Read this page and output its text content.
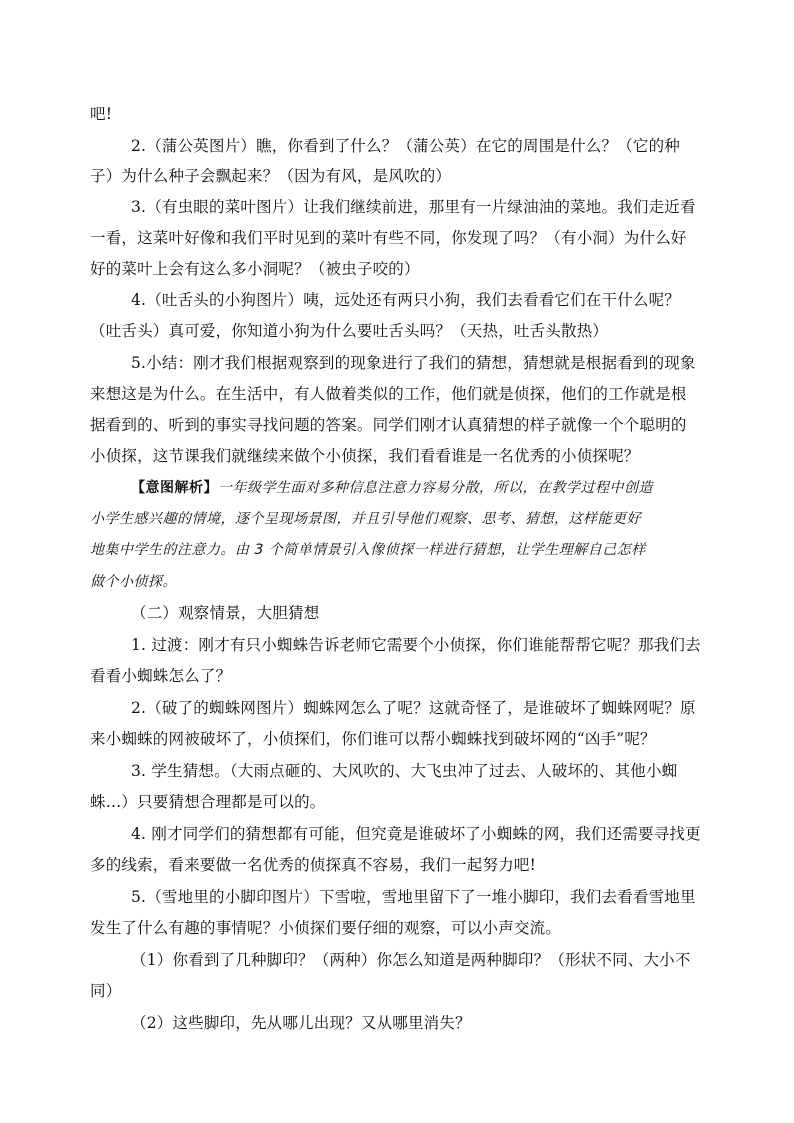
吧!
2.（蒲公英图片）瞧，你看到了什么？（蒲公英）在它的周围是什么？（它的种
子）为什么种子会飘起来？（因为有风，是风吹的）
3.（有虫眼的菜叶图片）让我们继续前进，那里有一片绿油油的菜地。我们走近看
一看，这菜叶好像和我们平时见到的菜叶有些不同，你发现了吗？（有小洞）为什么好
好的菜叶上会有这么多小洞呢？（被虫子咬的）
4.（吐舌头的小狗图片）咦，远处还有两只小狗，我们去看看它们在干什么呢？
（吐舌头）真可爱，你知道小狗为什么要吐舌头吗？（天热，吐舌头散热）
5.小结：刚才我们根据观察到的现象进行了我们的猜想，猜想就是根据看到的现象
来想这是为什么。在生活中，有人做着类似的工作，他们就是侦探，他们的工作就是根
据看到的、听到的事实寻找问题的答案。同学们刚才认真猜想的样子就像一个个聪明的
小侦探，这节课我们就继续来做个小侦探，我们看看谁是一名优秀的小侦探呢？
【意图解析】一年级学生面对多种信息注意力容易分散，所以，在教学过程中创造
小学生感兴趣的情境，逐个呈现场景图，并且引导他们观察、思考、猜想，这样能更好
地集中学生的注意力。由 3 个简单情景引入像侦探一样进行猜想，让学生理解自己怎样
做个小侦探。
（二）观察情景，大胆猜想
1. 过渡：刚才有只小蜘蛛告诉老师它需要个小侦探，你们谁能帮帮它呢？那我们去
看看小蜘蛛怎么了？
2.（破了的蜘蛛网图片）蜘蛛网怎么了呢？这就奇怪了，是谁破坏了蜘蛛网呢？原
来小蜘蛛的网被破坏了，小侦探们，你们谁可以帮小蜘蛛找到破坏网的“凶手”呢？
3. 学生猜想。（大雨点砸的、大风吹的、大飞虫冲了过去、人破坏的、其他小蜘
蛛…）只要猜想合理都是可以的。
4. 刚才同学们的猜想都有可能，但究竟是谁破坏了小蜘蛛的网，我们还需要寻找更
多的线索，看来要做一名优秀的侦探真不容易，我们一起努力吧!
5.（雪地里的小脚印图片）下雪啦，雪地里留下了一堆小脚印，我们去看看雪地里
发生了什么有趣的事情呢？小侦探们要仔细的观察，可以小声交流。
（1）你看到了几种脚印？（两种）你怎么知道是两种脚印？（形状不同、大小不
同）
（2）这些脚印，先从哪儿出现？又从哪里消失？
